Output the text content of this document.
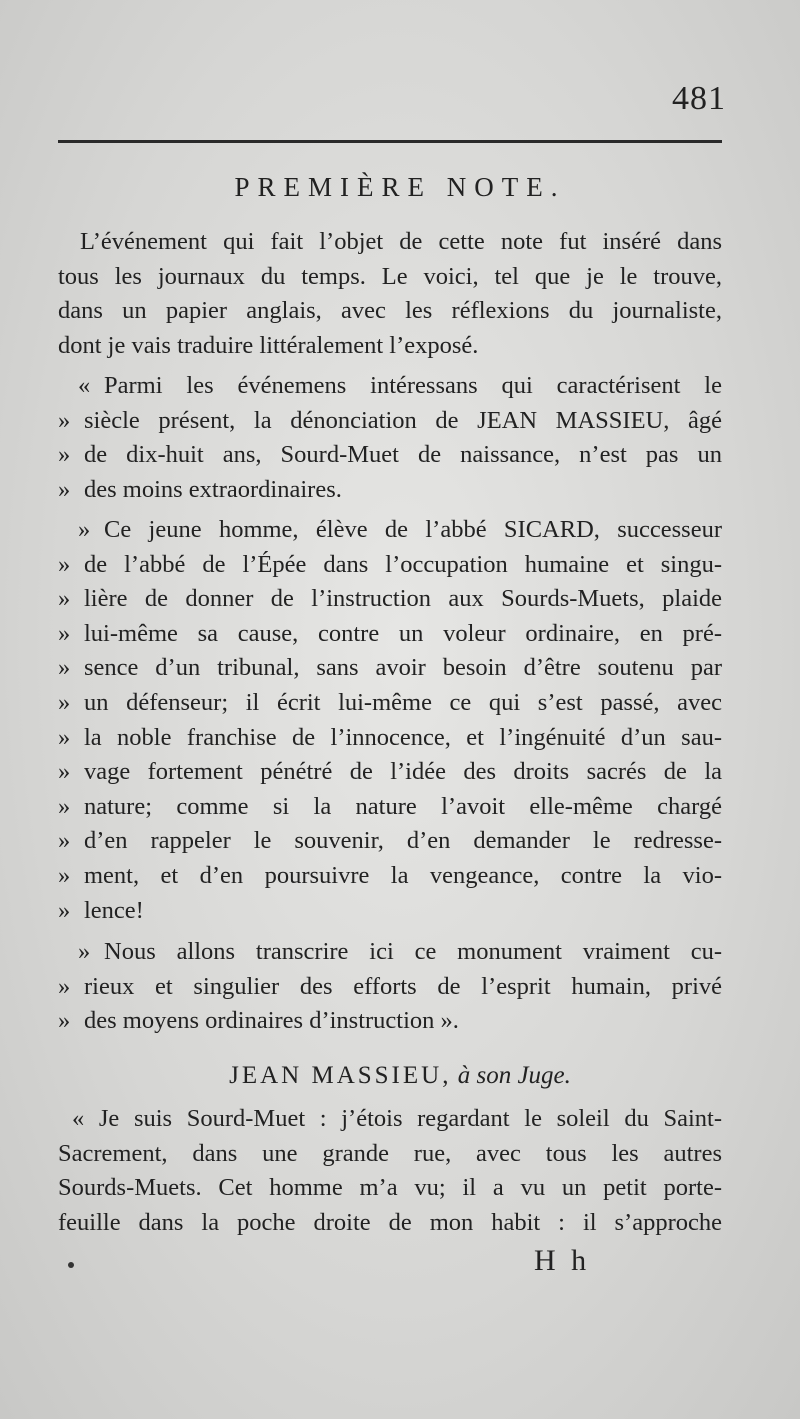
481
PREMIÈRE NOTE.
L’événement qui fait l’objet de cette note fut inséré dans
tous les journaux du temps. Le voici, tel que je le trouve,
dans un papier anglais, avec les réflexions du journaliste,
dont je vais traduire littéralement l’exposé.
« Parmi les événemens intéressans qui caractérisent le
» siècle présent, la dénonciation de JEAN MASSIEU, âgé
» de dix-huit ans, Sourd-Muet de naissance, n’est pas un
» des moins extraordinaires.
» Ce jeune homme, élève de l’abbé SICARD, successeur
» de l’abbé de l’Épée dans l’occupation humaine et singu-
» lière de donner de l’instruction aux Sourds-Muets, plaide
» lui-même sa cause, contre un voleur ordinaire, en pré-
» sence d’un tribunal, sans avoir besoin d’être soutenu par
» un défenseur; il écrit lui-même ce qui s’est passé, avec
» la noble franchise de l’innocence, et l’ingénuité d’un sau-
» vage fortement pénétré de l’idée des droits sacrés de la
» nature; comme si la nature l’avoit elle-même chargé
» d’en rappeler le souvenir, d’en demander le redresse-
» ment, et d’en poursuivre la vengeance, contre la vio-
» lence!
» Nous allons transcrire ici ce monument vraiment cu-
» rieux et singulier des efforts de l’esprit humain, privé
» des moyens ordinaires d’instruction ».
JEAN MASSIEU, à son Juge.
« Je suis Sourd-Muet : j’étois regardant le soleil du Saint-
Sacrement, dans une grande rue, avec tous les autres
Sourds-Muets. Cet homme m’a vu; il a vu un petit porte-
feuille dans la poche droite de mon habit : il s’approche
H h
